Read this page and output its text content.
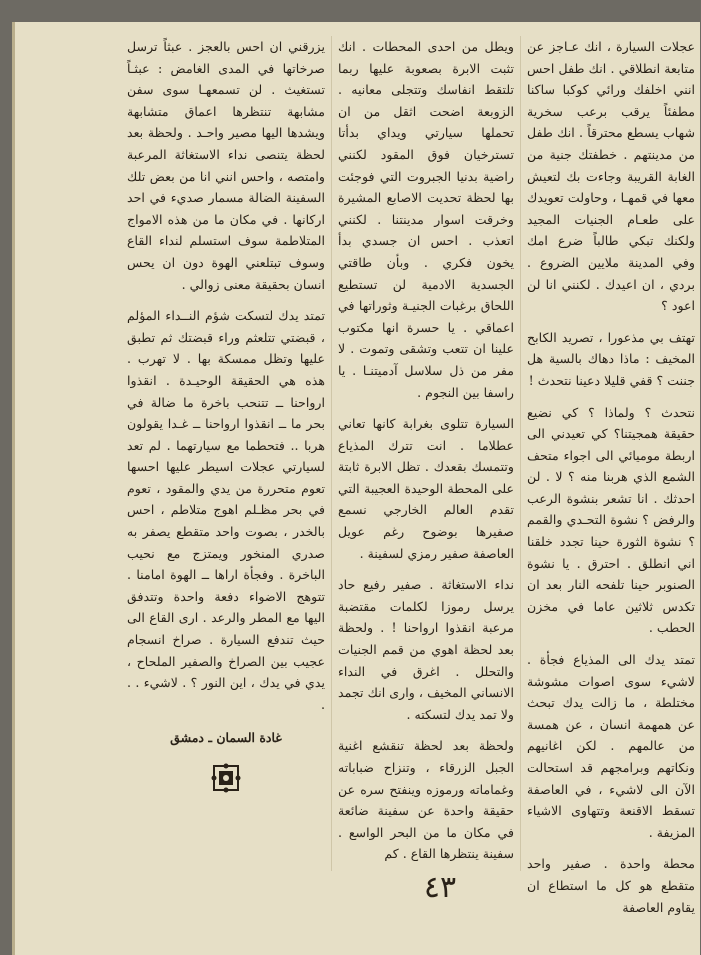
عجلات السيارة ، انك عـاجز عن متابعة انطلاقي . انك طفل احس انني اخلفك ورائي كوكبا ساكنا مطفئاً يرقب برعب سخرية شهاب يسطع محترقاً . انك طفل من مدينتهم . خطفتك جنية من الغابة القريبة وجاءت بك لتعيش معها في قمهـا ، وحاولت تعويدك على طعـام الجنيات المجيد ولكنك تبكي طالباً ضرع امك وفي المدينة ملايين الضروع . بردي ، ان اعيدك . لكنني انا لن اعود ؟

تهتف بي مذعورا ، تصريد الكابح المخيف : ماذا دهاك بالسية هل جننت ؟ قفي قليلا دعينا نتحدث !

نتحدث ؟ ولماذا ؟ كي نضيع حقيقة همجيتنا؟ كي تعيدني الى اربطة موميائي الى اجواء متحف الشمع الذي هربنا منه ؟ لا . لن احدثك . انا تشعر بنشوة الرعب والرفض ؟ نشوة التحـدي والقمم ؟ نشوة الثورة حينا تجدد خلقنا اني انطلق . احترق . يا نشوة الصنوبر حينا تلفحه النار بعد ان تكدس ثلاثين عاما في مخزن الحطب .

تمتد يدك الى المذياع فجأة . لاشيء سوى اصوات مشوشة مختلطة ، ما زالت يدك تبحث عن همهمة انسان ، عن همسة من عالمهم . لكن اغانيهم ونكاتهم وبرامجهم قد استحالت الآن الى لاشيء ، في العاصفة تسقط الاقنعة وتتهاوى الاشياء المزيفة .

محطة واحدة . صفير واحد متقطع هو كل ما استطاع ان يقاوم العاصفة

ويطل من احدى المحطات . انك تثبت الابرة بصعوبة عليها ربما تلتقط انفاسك وتتجلى معانيه . الزوبعة اضحت اثقل من ان تحملها سيارتي ويداي بدأتا تسترخيان فوق المقود لكنني راضية بدنيا الجبروت التي فوجئت بها لحظة تحديت الاصابع المشيرة وخرقت اسوار مدينتنا . لكنني اتعذب . احس ان جسدي بدأ يخون فكري . وبأن طاقتي الجسدية الادمية لن تستطيع اللحاق برغبات الجنيـة وثوراتها في اعماقي . يا حسرة انها مكتوب علينا ان تتعب وتشقى وتموت . لا مفر من ذل سلاسل آدميتنـا . يا راسفا بين النجوم .

السيارة تتلوى بغرابة كانها تعاني عطلاما . انت تترك المذياع وتتمسك بقعدك . تظل الابرة ثابتة على المحطة الوحيدة العجيبة التي تقدم العالم الخارجي نسمع صفيرها بوضوح رغم عويل العاصفة صفير رمزي لسفينة .

نداء الاستغاثة . صفير رفيع حاد يرسل رموزا لكلمات مقتضبة مرعبة انقذوا ارواحنا ! . ولحظة بعد لحظة اهوي من قمم الجنيات والتحلل . اغرق في النداء الانساني المخيف ، وارى انك تجمد ولا تمد يدك لتسكته .

ولحظة بعد لحظة تنقشع اغنية الجبل الزرقاء ، وتنزاح ضباباته وغماماته ورموزه وينفتح سره عن حقيقة واحدة عن سفينة ضائعة في مكان ما من البحر الواسع . سفينة ينتظرها القاع . كم

يزرقني ان احس بالعجز . عبثاً ترسل صرخاتها في المدى الغامض : عبثـاً تستغيث . لن تسمعهـا سوى سفن مشابهة تنتظرها اعماق متشابهة ويشدها اليها مصير واحـد . ولحظة بعد لحظة يتنصى نداء الاستغاثة المرعبة وامتصه ، واحس انني انا من بعض تلك السفينة الضالة مسمار صديء في احد اركانها . في مكان ما من هذه الامواج المتلاطمة سوف استسلم لنداء القاع وسوف تبتلعني الهوة دون ان يحس انسان بحقيقة معنى زوالي .

تمتد يدك لتسكت شؤم النــداء المؤلم ، قبضتي تتلعثم وراء قبضتك ثم تطبق عليها وتظل ممسكة بها . لا تهرب . هذه هي الحقيقة الوحيـدة . انقذوا ارواحنا ــ تتنحب باخرة ما ضالة في بحر ما ــ انقذوا ارواحنا ــ غـدا يقولون هربا .. فتحطما مع سيارتهما . لم تعد لسيارتي عجلات اسيطر عليها احسها تعوم متحررة من يدي والمقود ، تعوم في بحر مظـلم اهوج متلاطم ، احس بالخدر ، بصوت واحد متقطع يصفر به صدري المنخور ويمتزج مع نحيب الباخرة . وفجأة اراها ــ الهوة امامنا . تتوهج الاضواء دفعة واحدة وتتدفق اليها مع المطر والرعد . ارى القاع الى حيث تندفع السيارة . صراخ انسجام عجيب بين الصراخ والصفير الملحاح ، يدي في يدك ، اين النور ؟ . لاشيء . . .

غادة السمان ـ دمشق
٤٣
